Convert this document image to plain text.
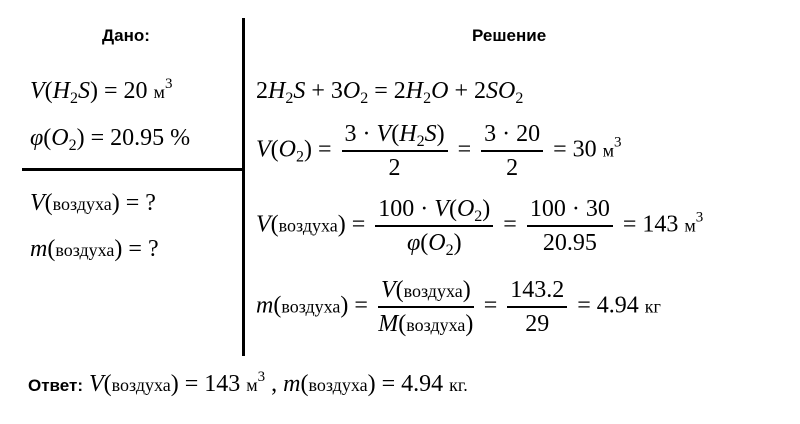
Дано:	Решение
$V(H_2S) = 20$ $м^3$
$\varphi(O_2) = 20.95$ %
V(воздуха) = ?
m(воздуха) = ?
$2H_2S + 3O_2 = 2H_2O + 2SO_2$
$V(O_2) = \frac{3 \cdot V(H_2S)}{2} = \frac{3 \cdot 20}{2} = 30$ $м^3$
V(воздуха) = $\frac{100 \cdot V(O_2)}{\varphi(O_2)} = \frac{100 \cdot 30}{20.95} = 143$ $м^3$
m(воздуха) = $\frac{\text{V(воздуха)}}{\text{M(воздуха)}} = \frac{143.2}{29} = 4.94$ кг
Ответ: V(воздуха) = 143 $м^3$ , m(воздуха) = 4.94 кг.
